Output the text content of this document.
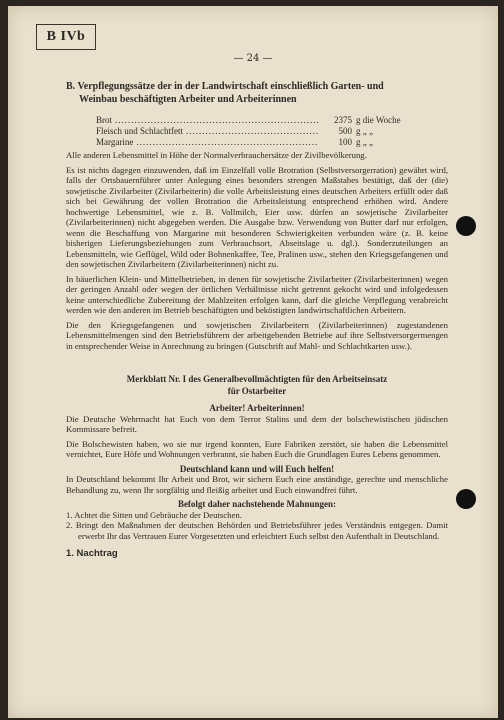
B IVb
— 24 —
B. Verpflegungssätze der in der Landwirtschaft einschließlich Garten- und
Weinbau beschäftigten Arbeiter und Arbeiterinnen
Brot .....	2375 g die Woche
Fleisch und Schlachtfett .....	500 g „ „
Margarine .....	100 g „ „

Alle anderen Lebensmittel in Höhe der Normalverbrauchersätze der Zivilbevölkerung.

Es ist nichts dagegen einzuwenden, daß im Einzelfall volle Brotration (Selbstversorgerration) gewährt wird, falls der Ortsbauernführer unter Anlegung eines besonders strengen Maßstabes bestätigt, daß der (die) sowjetische Zivilarbeiter (Zivilarbeiterin) die volle Arbeitsleistung eines deutschen Arbeiters erfüllt oder daß sich bei Gewährung der vollen Brotration die Arbeitsleistung entsprechend erhöhen wird. Andere hochwertige Lebensmittel, wie z. B. Vollmilch, Eier usw. dürfen an sowjetische Zivilarbeiter (Zivilarbeiterinnen) nicht abgegeben werden. Die Ausgabe bzw. Verwendung von Butter darf nur erfolgen, wenn die Beschaffung von Margarine mit besonderen Schwierigkeiten verbunden wäre (z. B. keine bisherigen Lieferungsbeziehungen zum Verbrauchsort, Abseitslage u. dgl.). Sonderzuteilungen an Lebensmitteln, wie Geflügel, Wild oder Bohnenkaffee, Tee, Pralinen usw., stehen den Kriegsgefangenen und den sowjetischen Zivilarbeitern (Zivilarbeiterinnen) nicht zu.

In bäuerlichen Klein- und Mittelbetrieben, in denen für sowjetische Zivilarbeiter (Zivilarbeiterinnen) wegen der geringen Anzahl oder wegen der örtlichen Verhältnisse nicht getrennt gekocht wird und infolgedessen keine unterschiedliche Zubereitung der Mahlzeiten erfolgen kann, darf die gleiche Verpflegung verabreicht werden wie den anderen im Betrieb beschäftigten und beköstigten landwirtschaftlichen Arbeitern.

Die den Kriegsgefangenen und sowjetischen Zivilarbeitern (Zivilarbeiterinnen) zugestandenen Lebensmittelmengen sind den Betriebsführern der arbeitgebenden Betriebe auf ihre Selbstversorgermengen in entsprechender Weise in Anrechnung zu bringen (Gutschrift auf Mahl- und Schlachtkarten usw.).

Merkblatt Nr. I des Generalbevollmächtigten für den Arbeitseinsatz
für Ostarbeiter

Arbeiter! Arbeiterinnen!

Die Deutsche Wehrmacht hat Euch von dem Terror Stalins und dem der bolschewistischen jüdischen Kommissare befreit.

Die Bolschewisten haben, wo sie nur irgend konnten, Eure Fabriken zerstört, sie haben die Lebensmittel vernichtet, Eure Höfe und Wohnungen verbrannt, sie haben Euch die Grundlagen Eures Lebens genommen.

Deutschland kann und will Euch helfen!

In Deutschland bekommt Ihr Arbeit und Brot, wir sichern Euch eine anständige, gerechte und menschliche Behandlung zu, wenn Ihr sorgfältig und fleißig arbeitet und Euch einwandfrei führt.

Befolgt daher nachstehende Mahnungen:

1. Achtet die Sitten und Gebräuche der Deutschen.

2. Bringt den Maßnahmen der deutschen Behörden und Betriebsführer jedes Verständnis entgegen. Damit erwerbt Ihr das Vertrauen Eurer Vorgesetzten und erleichtert Euch selbst den Aufenthalt in Deutschland.

1. Nachtrag
